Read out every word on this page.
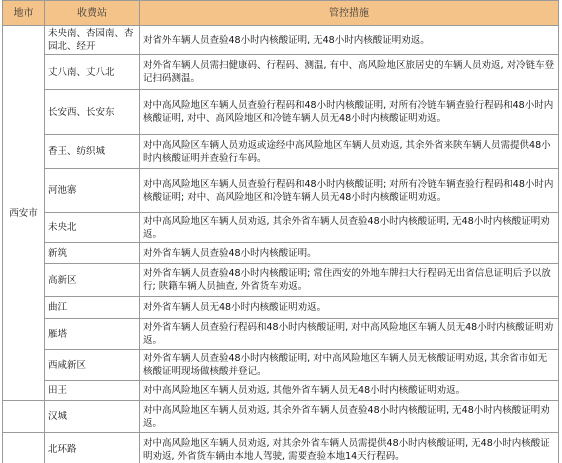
地市	收费站	管控措施
西安市	未央南、杏园南、杏园北、经开	对省外车辆人员查验48小时内核酸证明, 无48小时内核酸证明劝返。
	丈八南、丈八北	对外省车辆人员需扫健康码、行程码、测温, 有中、高风险地区旅居史的车辆人员劝返, 对冷链车登记扫码测温。
	长安西、长安东	对中高风险地区车辆人员查验行程码和48小时内核酸证明, 对所有冷链车辆查验行程码和48小时内核酸证明, 对中、高风险地区和冷链车辆人员无48小时内核酸证明劝返。
	香王、纺织城	对中高风险区车辆人员劝返或途经中高风险地区车辆人员劝返, 其余外省来陕车辆人员需提供48小时内核酸证明并查验行车码。
	河池寨	对中高风险地区车辆人员查验行程码和48小时内核酸证明; 对所有冷链车辆查验行程码和48小时内核酸证明; 对中、高风险地区和冷链车辆人员无48小时内核酸证明劝返。
	未央北	对中高风险地区车辆人员劝返, 其余外省车辆人员查验48小时内核酸证明, 无48小时内核酸证明劝返。
	新筑	对外省车辆人员查验48小时内核酸证明。
	高新区	对外省车辆人员查验48小时内核酸证明; 常住西安的外地车牌扫大行程码无出省信息证明后予以放行; 陕籍车辆人员抽查, 外省货车劝返。
	曲江	对外省车辆人员无48小时内核酸证明劝返。
	雁塔	对外省车辆人员查验行程码和48小时内核酸证明, 对中高风险地区车辆人员无48小时内核酸证明劝返。
	西咸新区	对外省车辆人员查验48小时内核酸证明, 对中高风险地区车辆人员无核酸证明劝返, 其余省市如无核酸证明现场做核酸并登记。
	田王	对中高风险地区车辆人员劝返, 其他外省车辆人员无48小时内核酸证明劝返。
	汉城	对中高风险地区车辆人员劝返, 其余外省车辆人员查验48小时内核酸证明, 无48小时内核酸证明劝返。
	北环路	对中高风险地区车辆人员劝返, 对其余外省车辆人员需提供48小时内核酸证明, 无48小时内核酸证明劝返, 外省货车辆由本地人驾驶, 需要查验本地14天行程码。
